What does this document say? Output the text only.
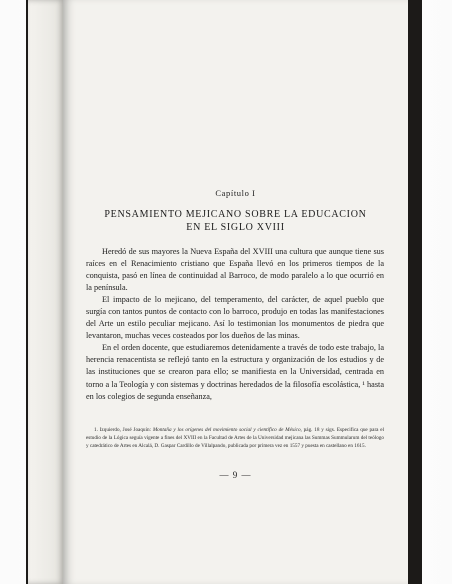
Capítulo I
PENSAMIENTO MEJICANO SOBRE LA EDUCACION
EN EL SIGLO XVIII

Heredó de sus mayores la Nueva España del XVIII una cultura que aunque tiene sus raíces en el Renacimiento cristiano que España llevó en los primeros tiempos de la conquista, pasó en línea de continuidad al Barroco, de modo paralelo a lo que ocurrió en la península.

El impacto de lo mejicano, del temperamento, del carácter, de aquel pueblo que surgía con tantos puntos de contacto con lo barroco, produjo en todas las manifestaciones del Arte un estilo peculiar mejicano. Así lo testimonian los monumentos de piedra que levantaron, muchas veces costeados por los dueños de las minas.

En el orden docente, que estudiaremos detenidamente a través de todo este trabajo, la herencia renacentista se reflejó tanto en la estructura y organización de los estudios y de las instituciones que se crearon para ello; se manifiesta en la Universidad, centrada en torno a la Teología y con sistemas y doctrinas heredados de la filosofía escolástica, ¹ hasta en los colegios de segunda enseñanza,

1. Izquierdo, José Joaquín: Montaña y los orígenes del movimiento social y científico de México, pág. 18 y sigs. Especifica que para el estudio de la Lógica seguía vigente a fines del XVIII en la Facultad de Artes de la Universidad mejicana las Summas Summularum del teólogo y catedrático de Artes en Alcalá, D. Gaspar Cardillo de Villalpando, publicada por primera vez en 1557 y puesta en castellano en 1615.

— 9 —
